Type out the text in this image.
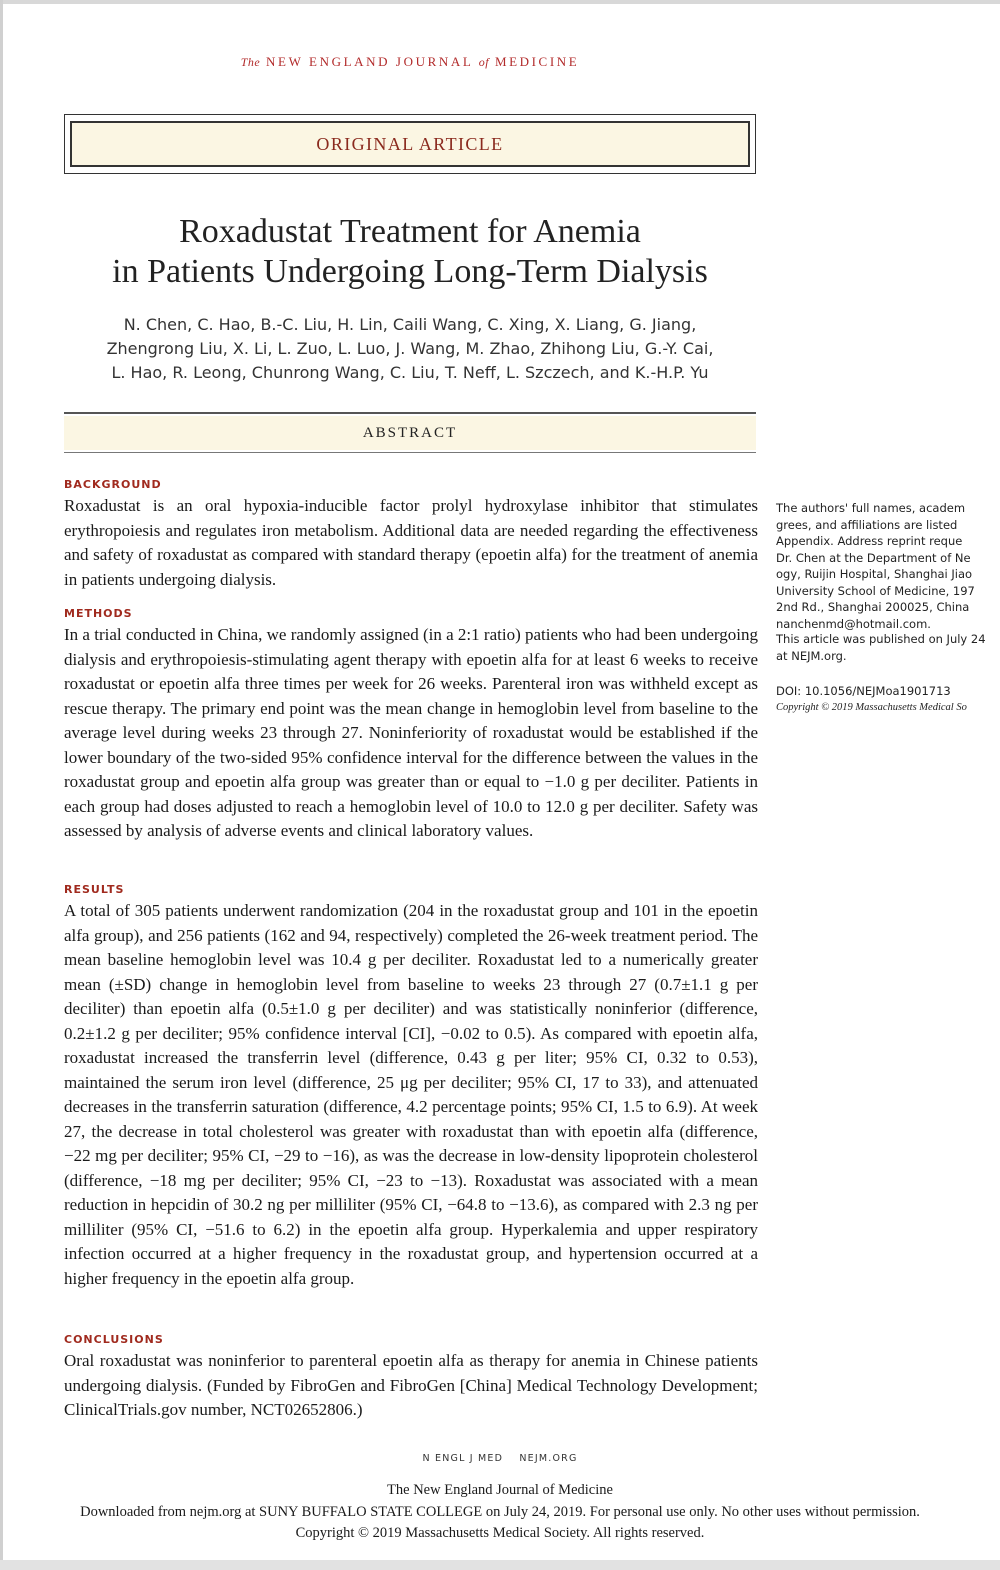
The NEW ENGLAND JOURNAL of MEDICINE
ORIGINAL ARTICLE
Roxadustat Treatment for Anemia
in Patients Undergoing Long-Term Dialysis
N. Chen, C. Hao, B.-C. Liu, H. Lin, Caili Wang, C. Xing, X. Liang, G. Jiang,
Zhengrong Liu, X. Li, L. Zuo, L. Luo, J. Wang, M. Zhao, Zhihong Liu, G.-Y. Cai,
L. Hao, R. Leong, Chunrong Wang, C. Liu, T. Neff, L. Szczech, and K.-H.P. Yu
ABSTRACT
BACKGROUND
Roxadustat is an oral hypoxia-inducible factor prolyl hydroxylase inhibitor that stimulates erythropoiesis and regulates iron metabolism. Additional data are needed regarding the effectiveness and safety of roxadustat as compared with standard therapy (epoetin alfa) for the treatment of anemia in patients undergoing dialysis.
METHODS
In a trial conducted in China, we randomly assigned (in a 2:1 ratio) patients who had been undergoing dialysis and erythropoiesis-stimulating agent therapy with epoetin alfa for at least 6 weeks to receive roxadustat or epoetin alfa three times per week for 26 weeks. Parenteral iron was withheld except as rescue therapy. The primary end point was the mean change in hemoglobin level from baseline to the average level during weeks 23 through 27. Noninferiority of roxadustat would be established if the lower boundary of the two-sided 95% confidence interval for the difference between the values in the roxadustat group and epoetin alfa group was greater than or equal to −1.0 g per deciliter. Patients in each group had doses adjusted to reach a hemoglobin level of 10.0 to 12.0 g per deciliter. Safety was assessed by analysis of adverse events and clinical laboratory values.
RESULTS
A total of 305 patients underwent randomization (204 in the roxadustat group and 101 in the epoetin alfa group), and 256 patients (162 and 94, respectively) completed the 26-week treatment period. The mean baseline hemoglobin level was 10.4 g per deciliter. Roxadustat led to a numerically greater mean (±SD) change in hemoglobin level from baseline to weeks 23 through 27 (0.7±1.1 g per deciliter) than epoetin alfa (0.5±1.0 g per deciliter) and was statistically noninferior (difference, 0.2±1.2 g per deciliter; 95% confidence interval [CI], −0.02 to 0.5). As compared with epoetin alfa, roxadustat increased the transferrin level (difference, 0.43 g per liter; 95% CI, 0.32 to 0.53), maintained the serum iron level (difference, 25 μg per deciliter; 95% CI, 17 to 33), and attenuated decreases in the transferrin saturation (difference, 4.2 percentage points; 95% CI, 1.5 to 6.9). At week 27, the decrease in total cholesterol was greater with roxadustat than with epoetin alfa (difference, −22 mg per deciliter; 95% CI, −29 to −16), as was the decrease in low-density lipoprotein cholesterol (difference, −18 mg per deciliter; 95% CI, −23 to −13). Roxadustat was associated with a mean reduction in hepcidin of 30.2 ng per milliliter (95% CI, −64.8 to −13.6), as compared with 2.3 ng per milliliter (95% CI, −51.6 to 6.2) in the epoetin alfa group. Hyperkalemia and upper respiratory infection occurred at a higher frequency in the roxadustat group, and hypertension occurred at a higher frequency in the epoetin alfa group.
CONCLUSIONS
Oral roxadustat was noninferior to parenteral epoetin alfa as therapy for anemia in Chinese patients undergoing dialysis. (Funded by FibroGen and FibroGen [China] Medical Technology Development; ClinicalTrials.gov number, NCT02652806.)
The authors' full names, academ
grees, and affiliations are listed
Appendix. Address reprint reque
Dr. Chen at the Department of Ne
ogy, Ruijin Hospital, Shanghai Jiao
University School of Medicine, 197
2nd Rd., Shanghai 200025, China
nanchenmd@hotmail.com.
This article was published on July 24
at NEJM.org.
DOI: 10.1056/NEJMoa1901713
Copyright © 2019 Massachusetts Medical So
N ENGL J MED NEJM.ORG
The New England Journal of Medicine
Downloaded from nejm.org at SUNY BUFFALO STATE COLLEGE on July 24, 2019. For personal use only. No other uses without permission.
Copyright © 2019 Massachusetts Medical Society. All rights reserved.
